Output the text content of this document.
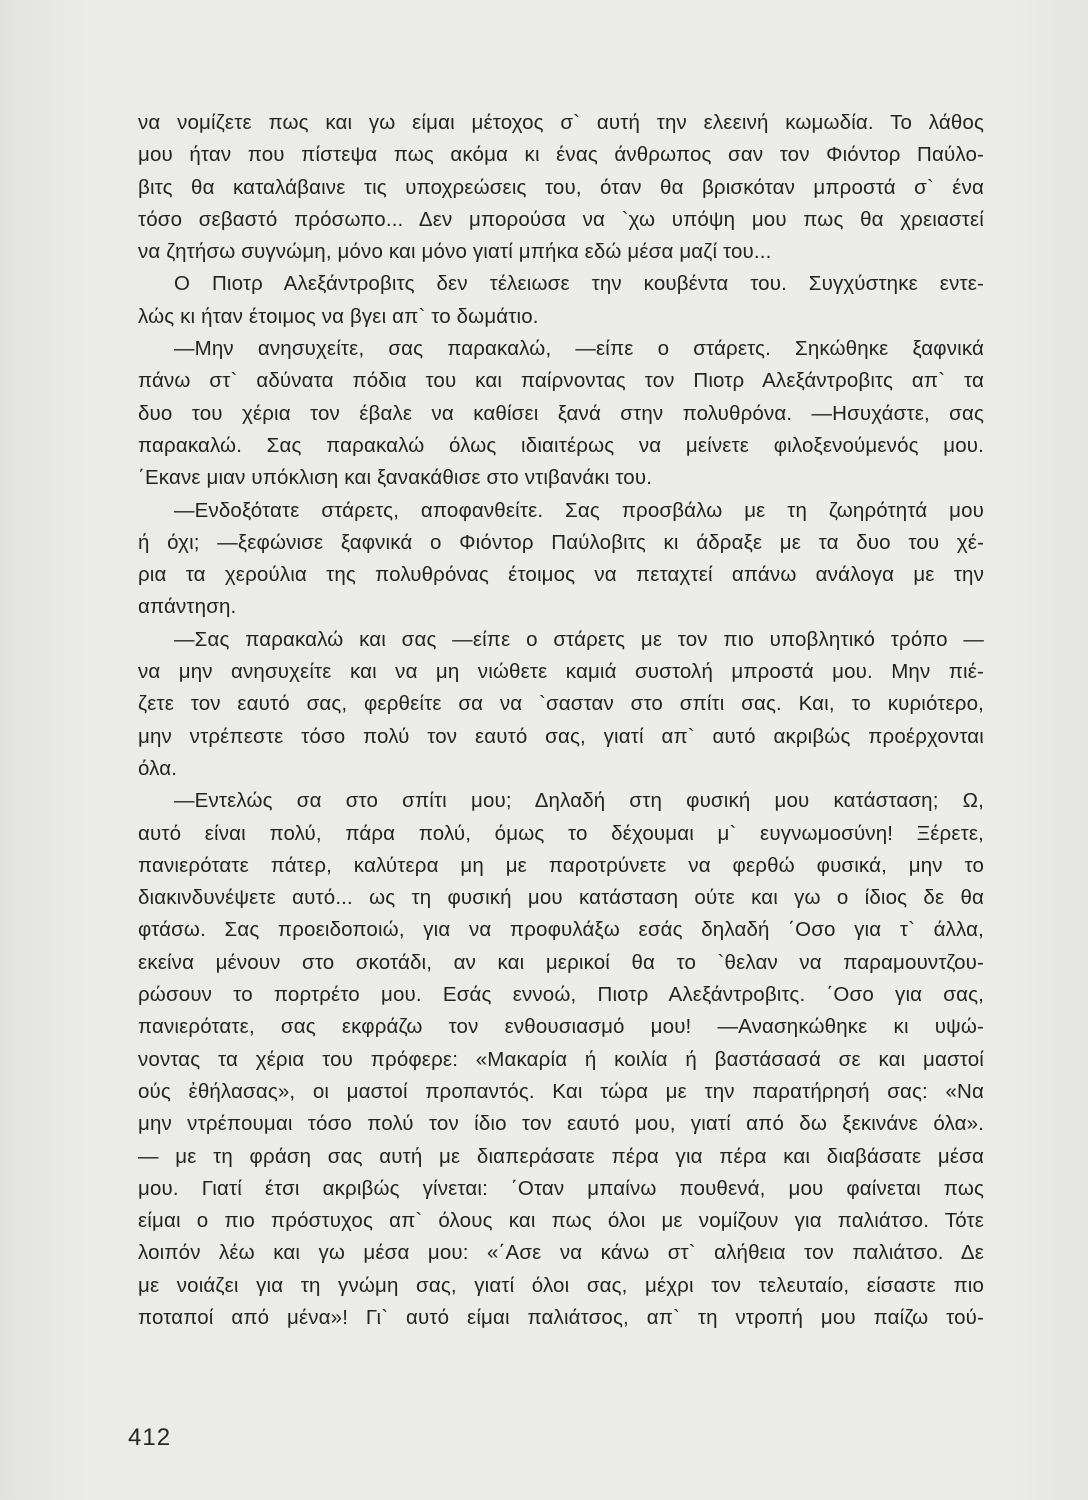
να νομίζετε πως και γω είμαι μέτοχος σ` αυτή την ελεεινή κωμωδία. Το λάθος
μου ήταν που πίστεψα πως ακόμα κι ένας άνθρωπος σαν τον Φιόντορ Παύλο-
βιτς θα καταλάβαινε τις υποχρεώσεις του, όταν θα βρισκόταν μπροστά σ` ένα
τόσο σεβαστό πρόσωπο... Δεν μπορούσα να `χω υπόψη μου πως θα χρειαστεί
να ζητήσω συγνώμη, μόνο και μόνο γιατί μπήκα εδώ μέσα μαζί του...
Ο Πιοτρ Αλεξάντροβιτς δεν τέλειωσε την κουβέντα του. Συγχύστηκε εντε-
λώς κι ήταν έτοιμος να βγει απ` το δωμάτιο.
—Μην ανησυχείτε, σας παρακαλώ, —είπε ο στάρετς. Σηκώθηκε ξαφνικά
πάνω στ` αδύνατα πόδια του και παίρνοντας τον Πιοτρ Αλεξάντροβιτς απ` τα
δυο του χέρια τον έβαλε να καθίσει ξανά στην πολυθρόνα. —Ησυχάστε, σας
παρακαλώ. Σας παρακαλώ όλως ιδιαιτέρως να μείνετε φιλοξενούμενός μου.
΄Εκανε μιαν υπόκλιση και ξανακάθισε στο ντιβανάκι του.
—Ενδοξότατε στάρετς, αποφανθείτε. Σας προσβάλω με τη ζωηρότητά μου
ή όχι; —ξεφώνισε ξαφνικά ο Φιόντορ Παύλοβιτς κι άδραξε με τα δυο του χέ-
ρια τα χερούλια της πολυθρόνας έτοιμος να πεταχτεί απάνω ανάλογα με την
απάντηση.
—Σας παρακαλώ και σας —είπε ο στάρετς με τον πιο υποβλητικό τρόπο —
να μην ανησυχείτε και να μη νιώθετε καμιά συστολή μπροστά μου. Μην πιέ-
ζετε τον εαυτό σας, φερθείτε σα να `σασταν στο σπίτι σας. Και, το κυριότερο,
μην ντρέπεστε τόσο πολύ τον εαυτό σας, γιατί απ` αυτό ακριβώς προέρχονται
όλα.
—Εντελώς σα στο σπίτι μου; Δηλαδή στη φυσική μου κατάσταση; Ω,
αυτό είναι πολύ, πάρα πολύ, όμως το δέχουμαι μ` ευγνωμοσύνη! Ξέρετε,
πανιερότατε πάτερ, καλύτερα μη με παροτρύνετε να φερθώ φυσικά, μην το
διακινδυνέψετε αυτό... ως τη φυσική μου κατάσταση ούτε και γω ο ίδιος δε θα
φτάσω. Σας προειδοποιώ, για να προφυλάξω εσάς δηλαδή ΄Οσο για τ` άλλα,
εκείνα μένουν στο σκοτάδι, αν και μερικοί θα το `θελαν να παραμουντζου-
ρώσουν το πορτρέτο μου. Εσάς εννοώ, Πιοτρ Αλεξάντροβιτς. ΄Οσο για σας,
πανιερότατε, σας εκφράζω τον ενθουσιασμό μου! —Ανασηκώθηκε κι υψώ-
νοντας τα χέρια του πρόφερε: «Μακαρία ή κοιλία ή βαστάσασά σε και μαστοί
ούς ἐθήλασας», οι μαστοί προπαντός. Και τώρα με την παρατήρησή σας: «Να
μην ντρέπουμαι τόσο πολύ τον ίδιο τον εαυτό μου, γιατί από δω ξεκινάνε όλα».
— με τη φράση σας αυτή με διαπεράσατε πέρα για πέρα και διαβάσατε μέσα
μου. Γιατί έτσι ακριβώς γίνεται: ΄Οταν μπαίνω πουθενά, μου φαίνεται πως
είμαι ο πιο πρόστυχος απ` όλους και πως όλοι με νομίζουν για παλιάτσο. Τότε
λοιπόν λέω και γω μέσα μου: «΄Ασε να κάνω στ` αλήθεια τον παλιάτσο. Δε
με νοιάζει για τη γνώμη σας, γιατί όλοι σας, μέχρι τον τελευταίο, είσαστε πιο
ποταποί από μένα»! Γι` αυτό είμαι παλιάτσος, απ` τη ντροπή μου παίζω τού-
412
